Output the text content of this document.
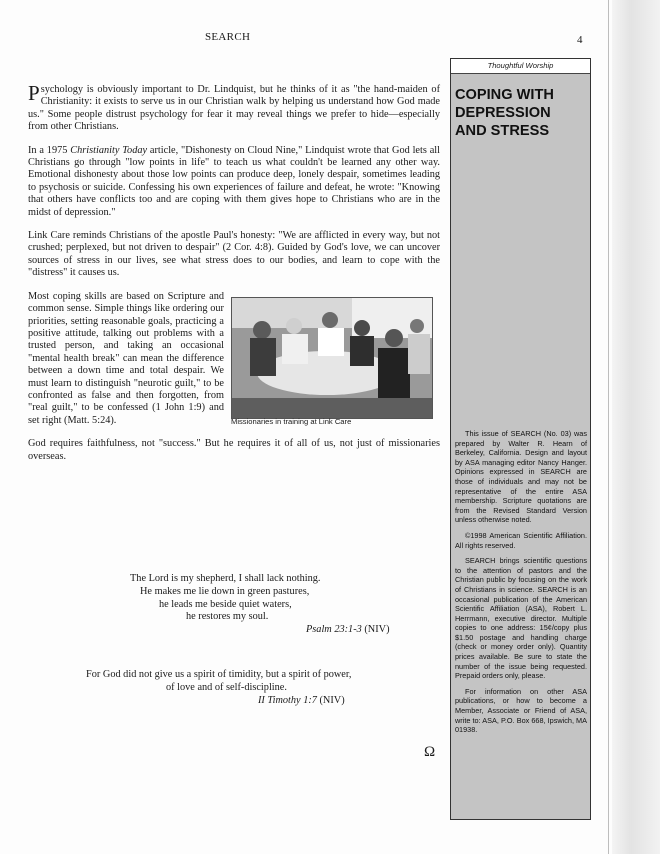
SEARCH	4

Psychology is obviously important to Dr. Lindquist, but he thinks of it as "the hand-maiden of Christianity: it exists to serve us in our Christian walk by helping us understand how God made us." Some people distrust psychology for fear it may reveal things we prefer to hide—especially from other Christians.

In a 1975 Christianity Today article, "Dishonesty on Cloud Nine," Lindquist wrote that God lets all Christians go through "low points in life" to teach us what couldn't be learned any other way. Emotional dishonesty about those low points can produce deep, lonely despair, sometimes leading to psychosis or suicide. Confessing his own experiences of failure and defeat, he wrote: "Knowing that others have conflicts too and are coping with them gives hope to Christians who are in the midst of depression."

Link Care reminds Christians of the apostle Paul's honesty: "We are afflicted in every way, but not crushed; perplexed, but not driven to despair" (2 Cor. 4:8). Guided by God's love, we can uncover sources of stress in our lives, see what stress does to our bodies, and learn to cope with the "distress" it causes us.

Most coping skills are based on Scripture and common sense. Simple things like ordering our priorities, setting reasonable goals, practicing a positive attitude, talking out problems with a trusted person, and taking an occasional "mental health break" can mean the difference between a down time and total despair. We must learn to distinguish "neurotic guilt," to be confronted as false and then forgotten, from "real guilt," to be confessed (1 John 1:9) and set right (Matt. 5:24).

God requires faithfulness, not "success." But he requires it of all of us, not just of missionaries overseas.

Missionaries in training at Link Care
The Lord is my shepherd, I shall lack nothing.
He makes me lie down in green pastures,
he leads me beside quiet waters,
he restores my soul.
Psalm 23:1-3 (NIV)
For God did not give us a spirit of timidity, but a spirit of power,
of love and of self-discipline.
II Timothy 1:7 (NIV)
Ω
Thoughtful Worship
COPING WITH
DEPRESSION
AND STRESS

This issue of SEARCH (No. 03) was prepared by Walter R. Hearn of Berkeley, California. Design and layout by ASA managing editor Nancy Hanger. Opinions expressed in SEARCH are those of individuals and may not be representative of the entire ASA membership. Scripture quotations are from the Revised Standard Version unless otherwise noted.

©1998 American Scientific Affiliation. All rights reserved.

SEARCH brings scientific questions to the attention of pastors and the Christian public by focusing on the work of Christians in science. SEARCH is an occasional publication of the American Scientific Affiliation (ASA), Robert L. Herrmann, executive director. Multiple copies to one address: 15¢/copy plus $1.50 postage and handling charge (check or money order only). Quantity prices available. Be sure to state the number of the issue being requested. Prepaid orders only, please.

For information on other ASA publications, or how to become a Member, Associate or Friend of ASA, write to: ASA, P.O. Box 668, Ipswich, MA 01938.
